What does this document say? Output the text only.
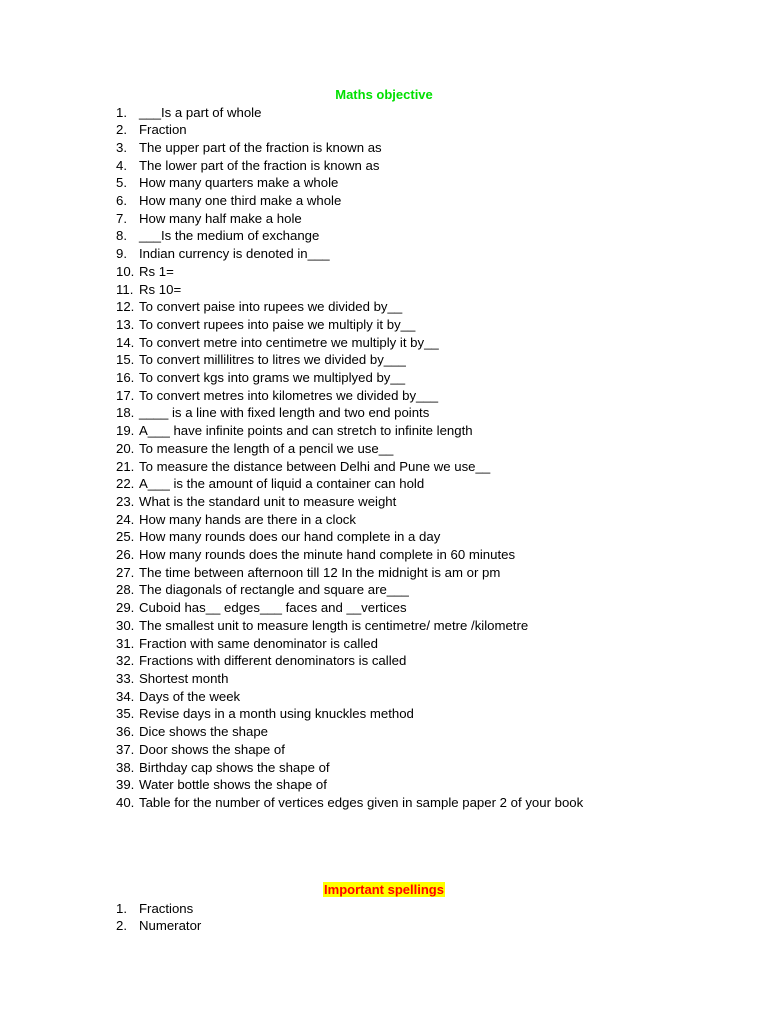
Maths objective
1. ___Is a part of whole
2. Fraction
3. The upper part of the fraction is known as
4. The lower part of the fraction is known as
5. How many quarters make a whole
6. How many one third make a whole
7. How many half make a hole
8. ___Is the medium of exchange
9. Indian currency is denoted in___
10. Rs 1=
11. Rs 10=
12. To convert paise into rupees we divided by__
13. To convert rupees into paise we multiply it by__
14. To convert metre into centimetre we multiply it by__
15. To convert millilitres to litres we divided by___
16. To convert kgs into grams we multiplyed by__
17. To convert metres into kilometres we divided by___
18. ____ is a line with fixed length and two end points
19. A___ have infinite points and can stretch to infinite length
20. To measure the length of a pencil we use__
21. To measure the distance between Delhi and Pune we use__
22. A___ is the amount of liquid a container can hold
23. What is the standard unit to measure weight
24. How many hands are there in a clock
25. How many rounds does our hand complete in a day
26. How many rounds does the minute hand complete in 60 minutes
27. The time between afternoon till 12 In the midnight is am or pm
28. The diagonals of rectangle and square are___
29. Cuboid has__ edges___ faces and __vertices
30. The smallest unit to measure length is centimetre/ metre /kilometre
31. Fraction with same denominator is called
32. Fractions with different denominators is called
33. Shortest month
34. Days of the week
35. Revise days in a month using knuckles method
36. Dice shows the shape
37. Door shows the shape of
38. Birthday cap shows the shape of
39. Water bottle shows the shape of
40. Table for the number of vertices edges given in sample paper 2 of your book
Important spellings
1. Fractions
2. Numerator
